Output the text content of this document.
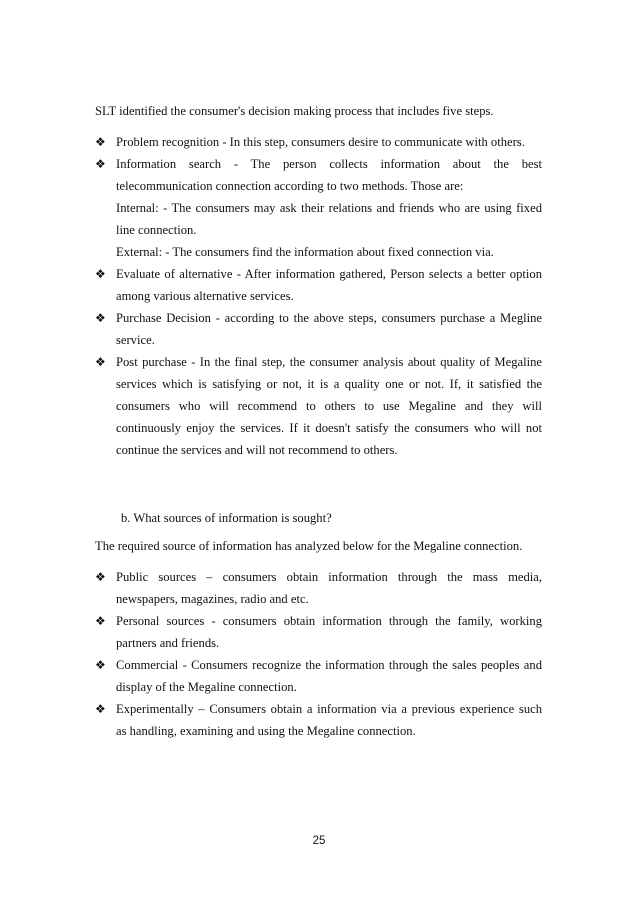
SLT identified the consumer's decision making process that includes five steps.

❖ Problem recognition - In this step, consumers desire to communicate with others.
❖ Information search - The person collects information about the best
telecommunication connection according to two methods. Those are:
Internal: - The consumers may ask their relations and friends who are using fixed
line connection.
External: - The consumers find the information about fixed connection via.
❖ Evaluate of alternative - After information gathered, Person selects a better option
among various alternative services.
❖ Purchase Decision - according to the above steps, consumers purchase a Megline
service.
❖ Post purchase - In the final step, the consumer analysis about quality of Megaline
services which is satisfying or not, it is a quality one or not. If, it satisfied the
consumers who will recommend to others to use Megaline and they will
continuously enjoy the services. If it doesn't satisfy the consumers who will not
continue the services and will not recommend to others.

b. What sources of information is sought?

The required source of information has analyzed below for the Megaline connection.

❖ Public sources – consumers obtain information through the mass media,
newspapers, magazines, radio and etc.
❖ Personal sources - consumers obtain information through the family, working
partners and friends.
❖ Commercial - Consumers recognize the information through the sales peoples and
display of the Megaline connection.
❖ Experimentally – Consumers obtain a information via a previous experience such
as handling, examining and using the Megaline connection.
25
